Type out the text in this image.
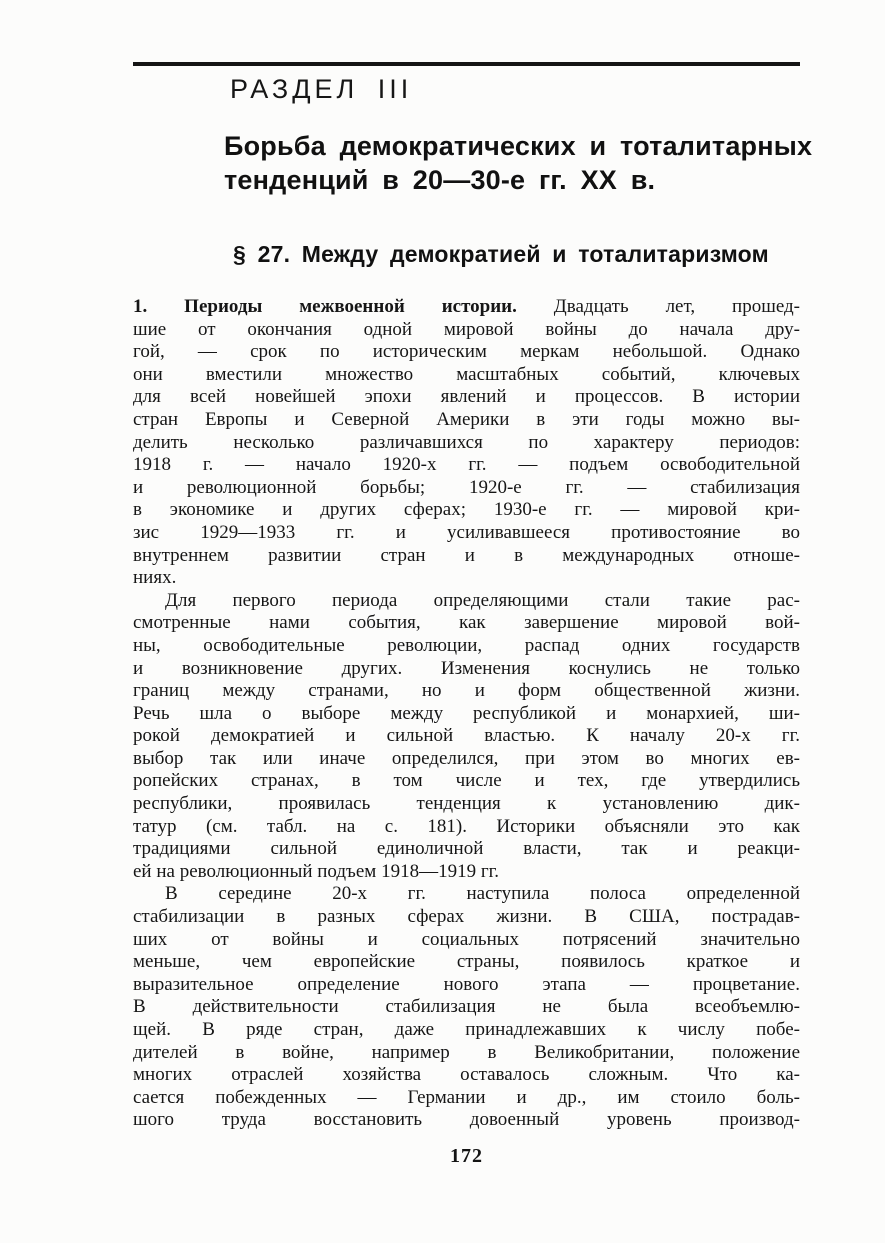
РАЗДЕЛ III
Борьба демократических и тоталитарных
тенденций в 20—30-е гг. XX в.
§ 27. Между демократией и тоталитаризмом
1. Периоды межвоенной истории. Двадцать лет, прошед-
шие от окончания одной мировой войны до начала дру-
гой, — срок по историческим меркам небольшой. Однако
они вместили множество масштабных событий, ключевых
для всей новейшей эпохи явлений и процессов. В истории
стран Европы и Северной Америки в эти годы можно вы-
делить несколько различавшихся по характеру периодов:
1918 г. — начало 1920-х гг. — подъем освободительной
и революционной борьбы; 1920-е гг. — стабилизация
в экономике и других сферах; 1930-е гг. — мировой кри-
зис 1929—1933 гг. и усиливавшееся противостояние во
внутреннем развитии стран и в международных отноше-
ниях.
Для первого периода определяющими стали такие рас-
смотренные нами события, как завершение мировой вой-
ны, освободительные революции, распад одних государств
и возникновение других. Изменения коснулись не только
границ между странами, но и форм общественной жизни.
Речь шла о выборе между республикой и монархией, ши-
рокой демократией и сильной властью. К началу 20-х гг.
выбор так или иначе определился, при этом во многих ев-
ропейских странах, в том числе и тех, где утвердились
республики, проявилась тенденция к установлению дик-
татур (см. табл. на с. 181). Историки объясняли это как
традициями сильной единоличной власти, так и реакци-
ей на революционный подъем 1918—1919 гг.
В середине 20-х гг. наступила полоса определенной
стабилизации в разных сферах жизни. В США, пострадав-
ших от войны и социальных потрясений значительно
меньше, чем европейские страны, появилось краткое и
выразительное определение нового этапа — процветание.
В действительности стабилизация не была всеобъемлю-
щей. В ряде стран, даже принадлежавших к числу побе-
дителей в войне, например в Великобритании, положение
многих отраслей хозяйства оставалось сложным. Что ка-
сается побежденных — Германии и др., им стоило боль-
шого труда восстановить довоенный уровень производ-
172
